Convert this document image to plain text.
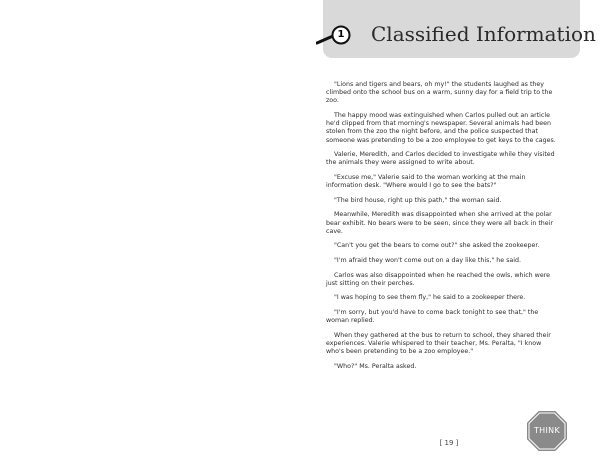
1 Classified Information

"Lions and tigers and bears, oh my!" the students laughed as they climbed onto the school bus on a warm, sunny day for a field trip to the zoo.

The happy mood was extinguished when Carlos pulled out an article he'd clipped from that morning's newspaper. Several animals had been stolen from the zoo the night before, and the police suspected that someone was pretending to be a zoo employee to get keys to the cages.

Valerie, Meredith, and Carlos decided to investigate while they visited the animals they were assigned to write about.

"Excuse me," Valerie said to the woman working at the main information desk. "Where would I go to see the bats?"

"The bird house, right up this path," the woman said.

Meanwhile, Meredith was disappointed when she arrived at the polar bear exhibit. No bears were to be seen, since they were all back in their cave.

"Can't you get the bears to come out?" she asked the zookeeper.

"I'm afraid they won't come out on a day like this," he said.

Carlos was also disappointed when he reached the owls, which were just sitting on their perches.

"I was hoping to see them fly," he said to a zookeeper there.

"I'm sorry, but you'd have to come back tonight to see that," the woman replied.

When they gathered at the bus to return to school, they shared their experiences. Valerie whispered to their teacher, Ms. Peralta, "I know who's been pretending to be a zoo employee."

"Who?" Ms. Peralta asked.

THINK
[ 19 ]
